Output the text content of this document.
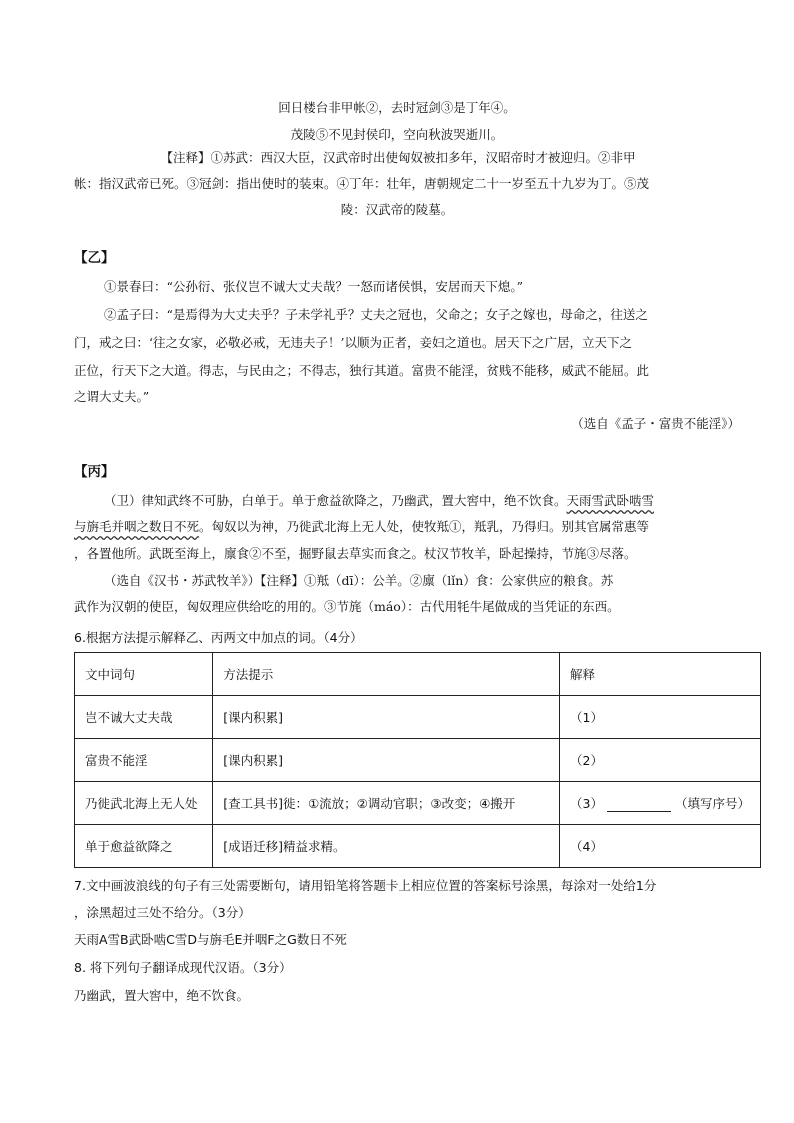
回日楼台非甲帐②，去时冠剑③是丁年④。
茂陵⑤不见封侯印，空向秋波哭逝川。
【注释】①苏武：西汉大臣，汉武帝时出使匈奴被扣多年，汉昭帝时才被迎归。②非甲
帐：指汉武帝已死。③冠剑：指出使时的装束。④丁年：壮年，唐朝规定二十一岁至五十九岁为丁。⑤茂
陵：汉武帝的陵墓。
【乙】
①景春曰：“公孙衍、张仪岂不诚大丈夫哉？一怒而诸侯惧，安居而天下熄。”
②孟子曰：“是焉得为大丈夫乎？子未学礼乎？丈夫之冠也，父命之；女子之嫁也，母命之，往送之
门，戒之曰：‘往之女家，必敬必戒，无违夫子！’以顺为正者，妾妇之道也。居天下之广居，立天下之
正位，行天下之大道。得志，与民由之；不得志，独行其道。富贵不能淫，贫贱不能移，威武不能屈。此
之谓大丈夫。”
（选自《孟子・富贵不能淫》）
【丙】
（卫）律知武终不可胁，白单于。单于愈益欲降之，乃幽武，置大窖中，绝不饮食。天雨雪武卧啮雪
与旃毛并咽之数日不死。匈奴以为神，乃徙武北海上无人处，使牧羝①，羝乳，乃得归。别其官属常惠等
，各置他所。武既至海上，廪食②不至，掘野鼠去草实而食之。杖汉节牧羊，卧起操持，节旄③尽落。
（选自《汉书・苏武牧羊》）【注释】①羝（dī）：公羊。②廪（lǐn）食：公家供应的粮食。苏
武作为汉朝的使臣，匈奴理应供给吃的用的。③节旄（máo）：古代用牦牛尾做成的当凭证的东西。
6.根据方法提示解释乙、丙两文中加点的词。（4分）
文中词句	方法提示	解释
岂不诚大丈夫哉	[课内积累]	（1）
富贵不能淫	[课内积累]	（2）
乃徙武北海上无人处	[查工具书]徙：①流放；②调动官职；③改变；④搬开	（3） （填写序号）
单于愈益欲降之	[成语迁移]精益求精。	（4）
7.文中画波浪线的句子有三处需要断句，请用铅笔将答题卡上相应位置的答案标号涂黑，每涂对一处给1分
，涂黑超过三处不给分。（3分）
天雨A雪B武卧啮C雪D与旃毛E并咽F之G数日不死
8. 将下列句子翻译成现代汉语。（3分）
乃幽武，置大窖中，绝不饮食。
